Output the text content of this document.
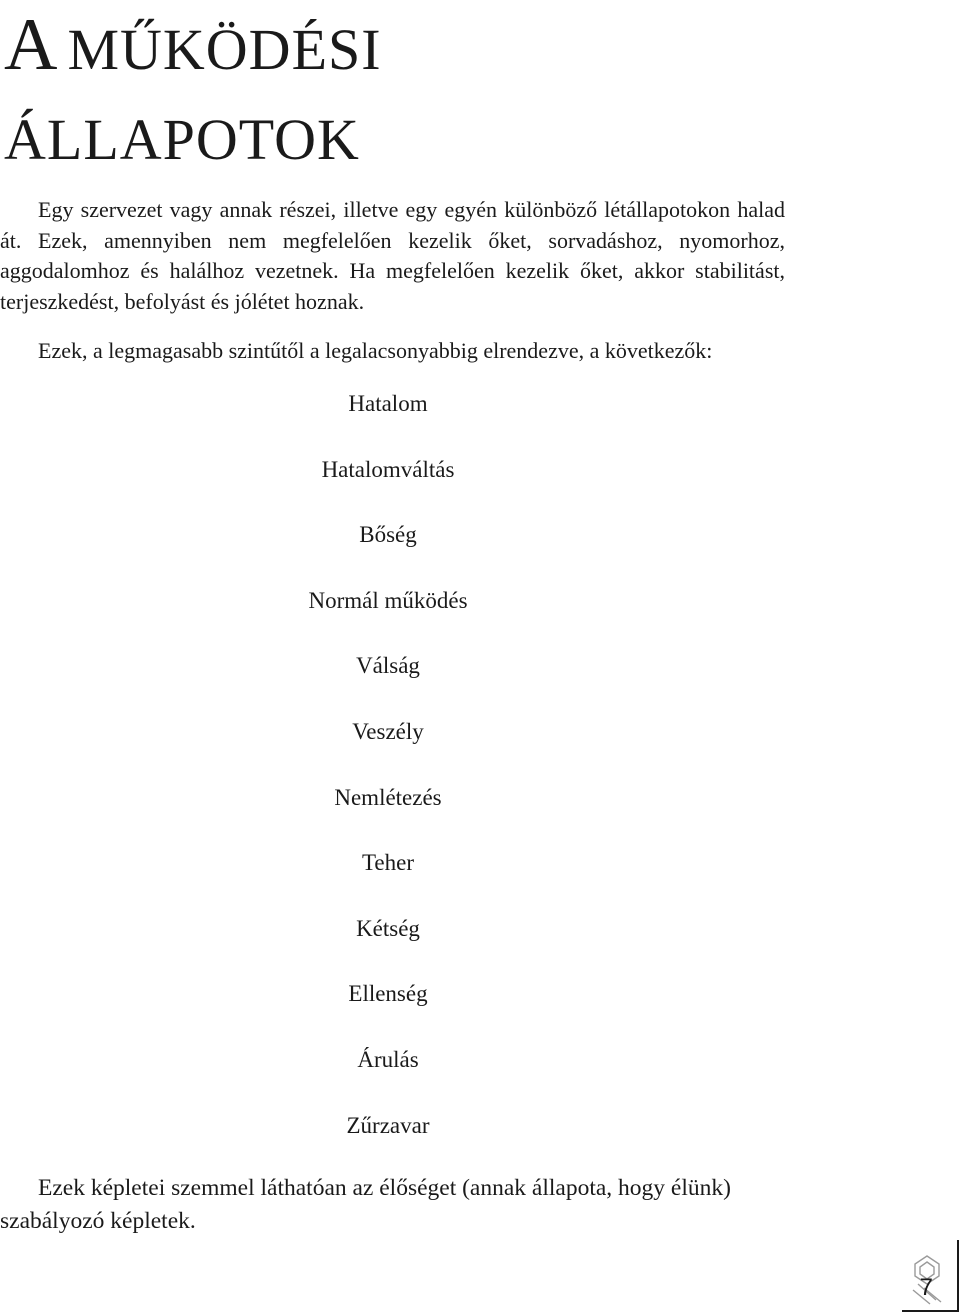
A MŰKÖDÉSI
ÁLLAPOTOK

Egy szervezet vagy annak részei, illetve egy egyén különböző létállapotokon halad át. Ezek, amennyiben nem megfelelően kezelik őket, sorvadáshoz, nyomorhoz, aggodalomhoz és halálhoz vezetnek. Ha megfelelően kezelik őket, akkor stabilitást, terjeszkedést, befolyást és jólétet hoznak.

Ezek, a legmagasabb szintűtől a legalacsonyabbig elrendezve, a következők:

Hatalom
Hatalomváltás
Bőség
Normál működés
Válság
Veszély
Nemlétezés
Teher
Kétség
Ellenség
Árulás
Zűrzavar

Ezek képletei szemmel láthatóan az élőséget (annak állapota, hogy élünk) szabályozó képletek.

7
